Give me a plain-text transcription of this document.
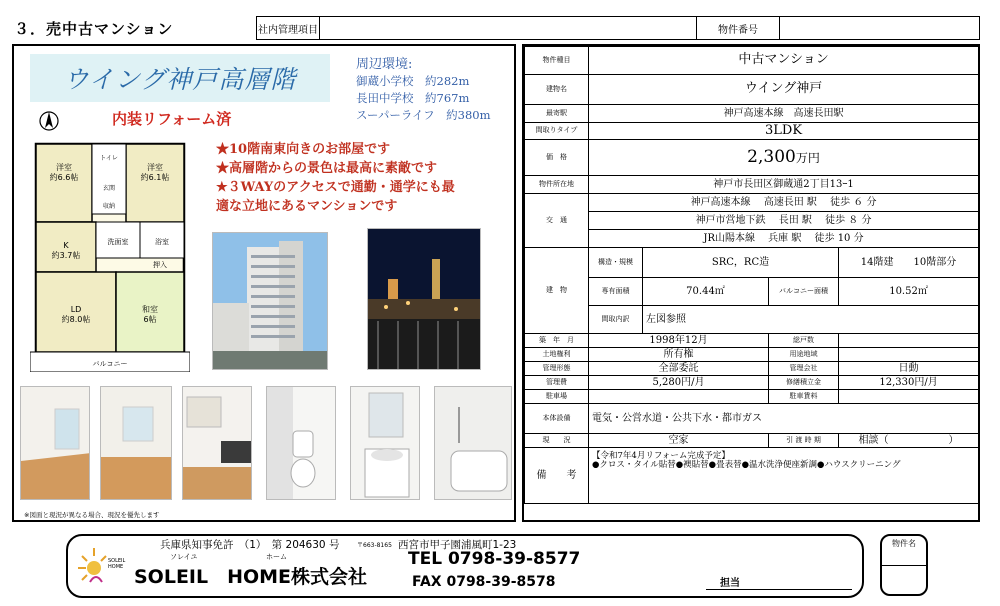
３．売中古マンション	社内管理項目	物件番号
ウイング神戸高層階
内装リフォーム済
周辺環境:
御蔵小学校　約282m
長田中学校　約767m
スーパーライフ　約380m
★10階南東向きのお部屋です
★高層階からの景色は最高に素敵です
★３WAYのアクセスで通勤・通学にも最
適な立地にあるマンションです
洋室約6.6帖
洋室約6.1帖
K 約3.7帖
LD 約8.0帖
和室 6帖
洗面室	浴室
トイレ
玄関
収納
押入
バルコニー
※図面と現況が異なる場合、現況を優先します
物件種目	中古マンション			
建物名	ウイング神戸			
最寄駅	神戸高速本線　高速長田駅			
間取りタイプ	3LDK			
価　格	2,300万円			
物件所在地	神戸市長田区御蔵通2丁目13ｰ1			
交　通	神戸高速本線　 高速長田 駅 　徒歩 ６ 分			
	神戸市営地下鉄 　長田 駅 　徒歩 ８ 分			
	JR山陽本線 　兵庫 駅 　徒歩 10 分			
建　物	構造・規模	SRC，RC造		14階建　　 10階部分
	専有面積	70.44㎡	バルコニー面積	10.52㎡
	間取内訳	左図参照		
築　年　月	1998年12月		総戸数	
土地権利	所有権		用途地域	
管理形態	全部委託		管理会社	日動
管理費	5,280円/月		修繕積立金	12,330円/月
駐車場			駐車賃料	
本体設備	電気・公営水道・公共下水・都市ガス			
現　　況	空家		引 渡 時 期	相談（　　　　　　）
備　　考	【令和7年4月リフォーム完成予定】
●クロス・タイル貼替●襖貼替●畳表替●温水洗浄便座新調●ハウスクリーニング			
SOLEIL
HOME
兵庫県知事免許　（1）　第 204630 号	〒663-8165 西宮市甲子園浦風町1-23
ソレイユ	ホーム
SOLEIL　HOME株式会社
TEL 0798-39-8577
FAX 0798-39-8578	担当
物件名
